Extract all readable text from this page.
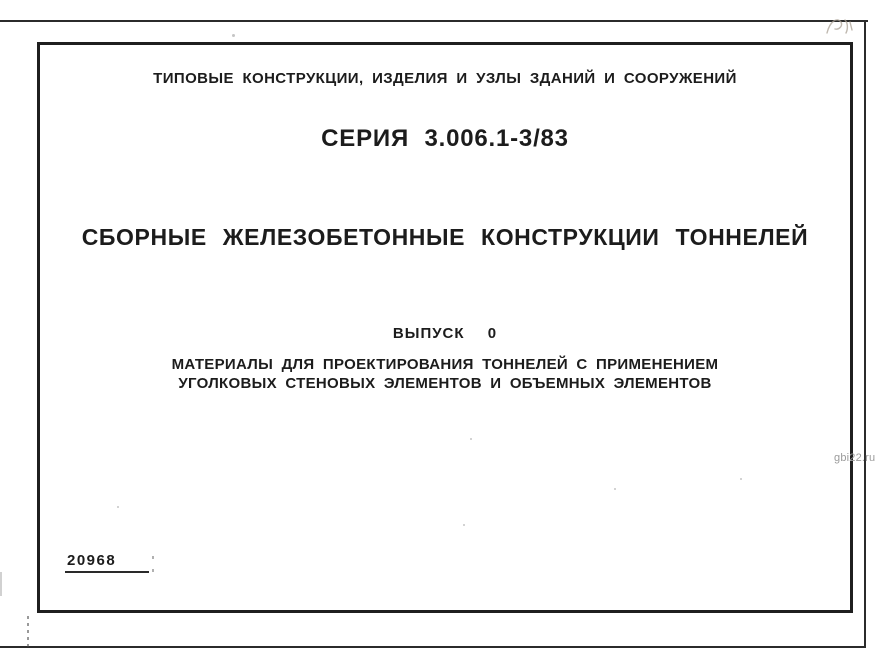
ТИПОВЫЕ КОНСТРУКЦИИ, ИЗДЕЛИЯ И УЗЛЫ ЗДАНИЙ И СООРУЖЕНИЙ
СЕРИЯ 3.006.1-3/83
СБОРНЫЕ ЖЕЛЕЗОБЕТОННЫЕ КОНСТРУКЦИИ ТОННЕЛЕЙ
ВЫПУСК 0
МАТЕРИАЛЫ ДЛЯ ПРОЕКТИРОВАНИЯ ТОННЕЛЕЙ С ПРИМЕНЕНИЕМ
УГОЛКОВЫХ СТЕНОВЫХ ЭЛЕМЕНТОВ И ОБЪЕМНЫХ ЭЛЕМЕНТОВ
20968
gbi22.ru
